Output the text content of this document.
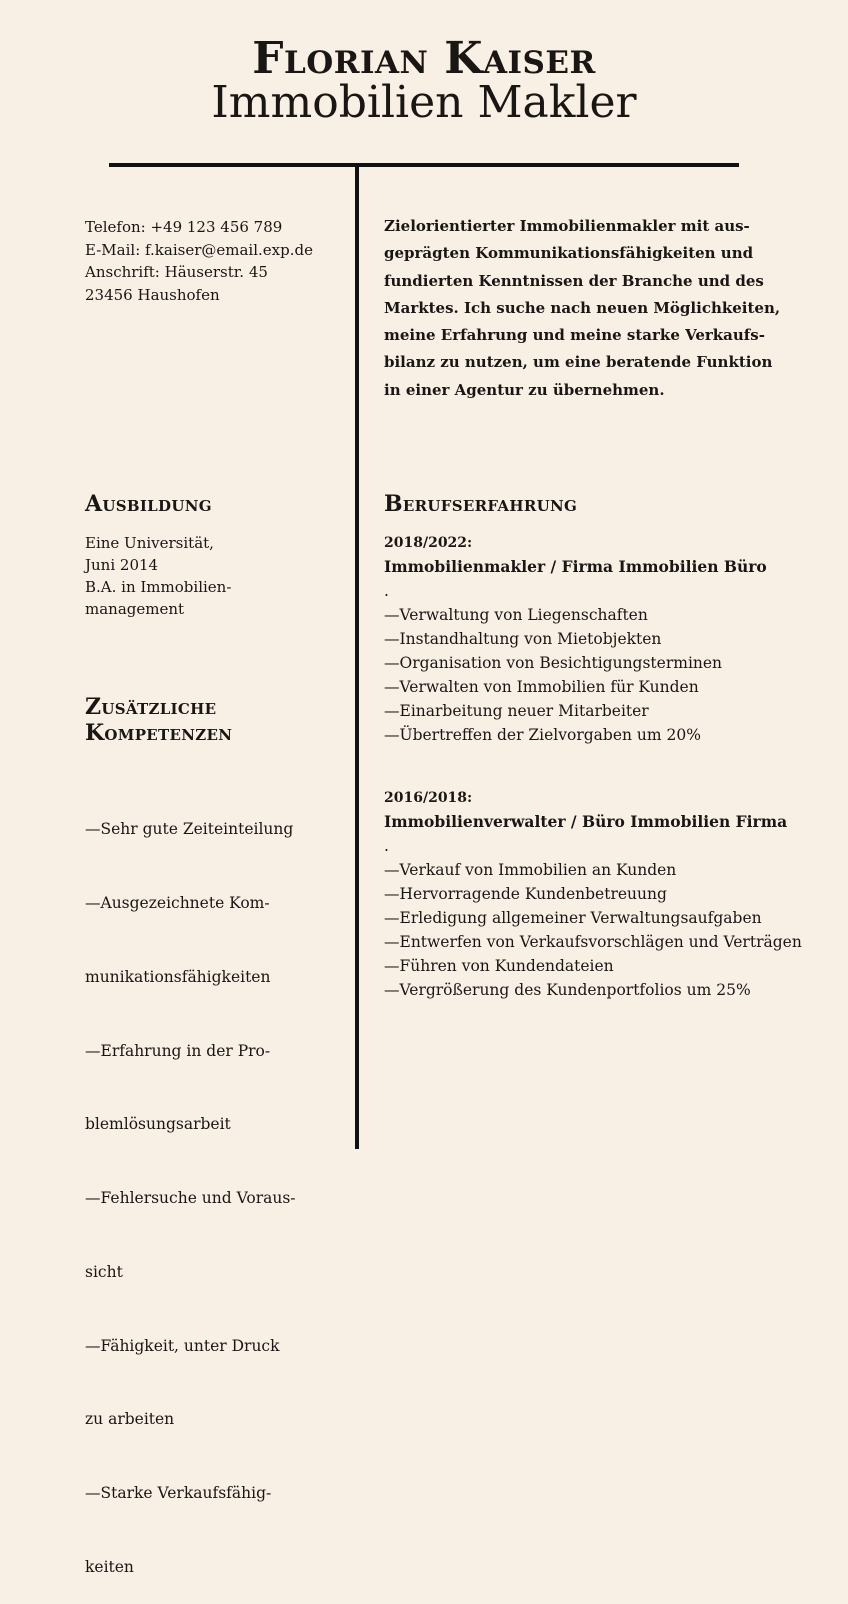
Florian Kaiser
Immobilien Makler
Telefon: +49 123 456 789
E-Mail: f.kaiser@email.exp.de
Anschrift: Häuserstr. 45
23456 Haushofen
Zielorientierter Immobilienmakler mit aus-
geprägten Kommunikationsfähigkeiten und
fundierten Kenntnissen der Branche und des
Marktes. Ich suche nach neuen Möglichkeiten,
meine Erfahrung und meine starke Verkaufs-
bilanz zu nutzen, um eine beratende Funktion
in einer Agentur zu übernehmen.
Ausbildung
Eine Universität,
Juni 2014
B.A. in Immobilien-
management
Zusätzliche
Kompetenzen

—Sehr gute Zeiteinteilung

—Ausgezeichnete Kom-

munikationsfähigkeiten

—Erfahrung in der Pro-

blemlösungsarbeit

—Fehlersuche und Voraus-

sicht

—Fähigkeit, unter Druck

zu arbeiten

—Starke Verkaufsfähig-

keiten

Berufserfahrung
2018/2022:
Immobilienmakler / Firma Immobilien Büro
.
—Verwaltung von Liegenschaften
—Instandhaltung von Mietobjekten
—Organisation von Besichtigungsterminen
—Verwalten von Immobilien für Kunden
—Einarbeitung neuer Mitarbeiter
—Übertreffen der Zielvorgaben um 20%
2016/2018:
Immobilienverwalter / Büro Immobilien Firma
.
—Verkauf von Immobilien an Kunden
—Hervorragende Kundenbetreuung
—Erledigung allgemeiner Verwaltungsaufgaben
—Entwerfen von Verkaufsvorschlägen und Verträgen
—Führen von Kundendateien
—Vergrößerung des Kundenportfolios um 25%
